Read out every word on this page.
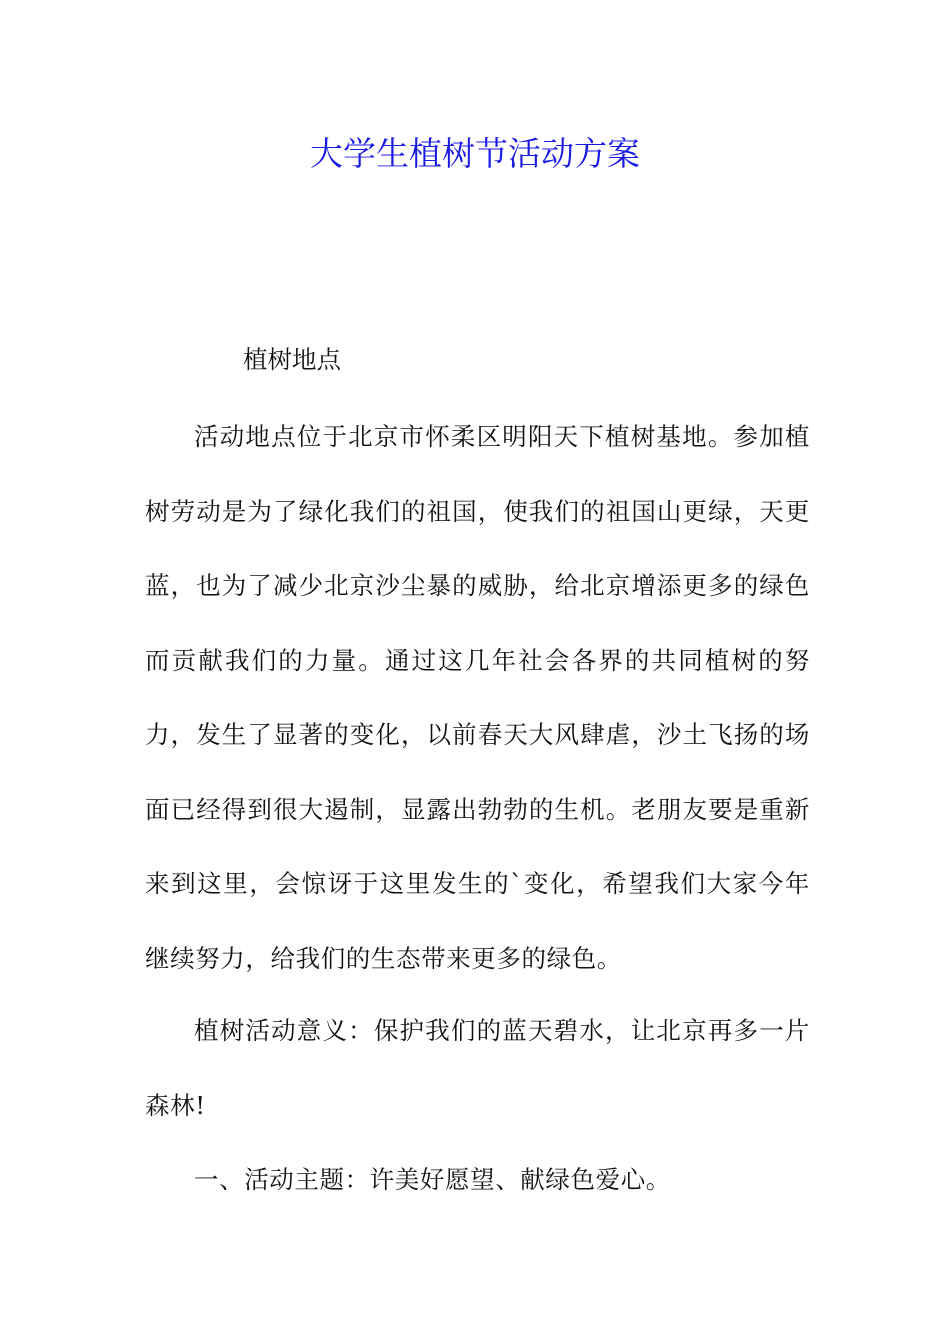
大学生植树节活动方案

植树地点

活动地点位于北京市怀柔区明阳天下植树基地。参加植树劳动是为了绿化我们的祖国，使我们的祖国山更绿，天更蓝，也为了减少北京沙尘暴的威胁，给北京增添更多的绿色而贡献我们的力量。通过这几年社会各界的共同植树的努力，发生了显著的变化，以前春天大风肆虐，沙土飞扬的场面已经得到很大遏制，显露出勃勃的生机。老朋友要是重新来到这里，会惊讶于这里发生的`变化，希望我们大家今年继续努力，给我们的生态带来更多的绿色。

植树活动意义：保护我们的蓝天碧水，让北京再多一片森林!

一、活动主题：许美好愿望、献绿色爱心。
